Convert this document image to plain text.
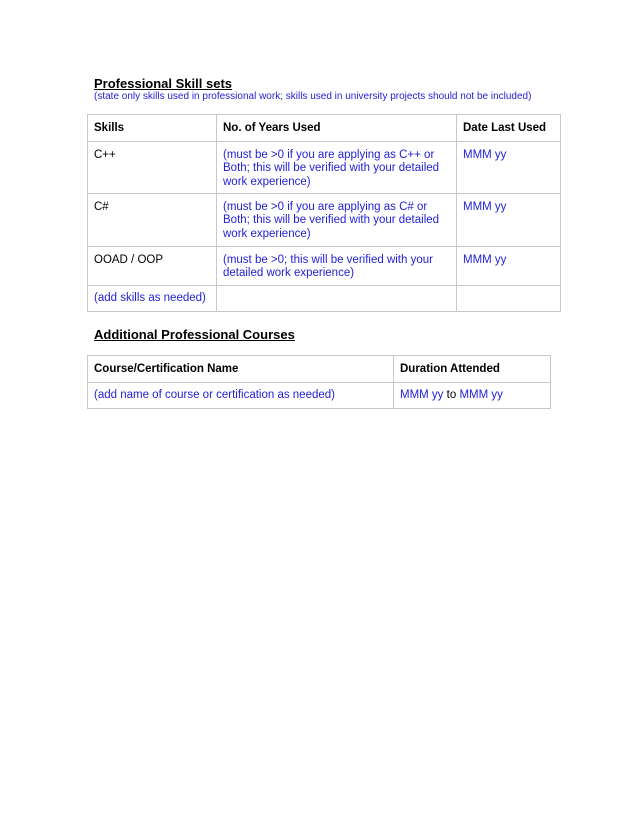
Professional Skill sets
(state only skills used in professional work; skills used in university projects should not be included)
Skills	No. of Years Used	Date Last Used
C++	(must be >0 if you are applying as C++ or Both; this will be verified with your detailed work experience)	MMM yy
C#	(must be >0 if you are applying as C# or Both; this will be verified with your detailed work experience)	MMM yy
OOAD / OOP	(must be >0; this will be verified with your detailed work experience)	MMM yy
(add skills as needed)		
Additional Professional Courses
Course/Certification Name	Duration Attended
(add name of course or certification as needed)	MMM yy to MMM yy
